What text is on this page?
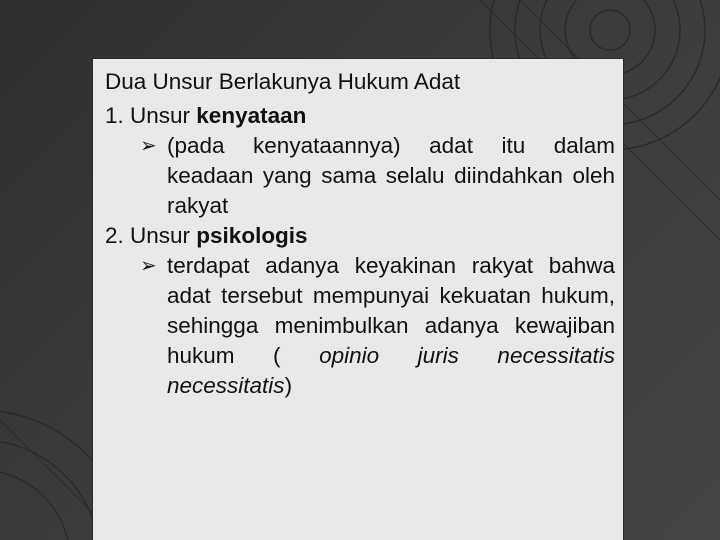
Dua Unsur Berlakunya Hukum Adat

1. Unsur kenyataan

➢ (pada kenyataannya) adat itu dalam keadaan yang sama selalu diindahkan oleh rakyat

2. Unsur psikologis

➢ terdapat adanya keyakinan rakyat bahwa adat tersebut mempunyai kekuatan hukum, sehingga menimbulkan adanya kewajiban hukum ( opinio juris necessitatis necessitatis)
